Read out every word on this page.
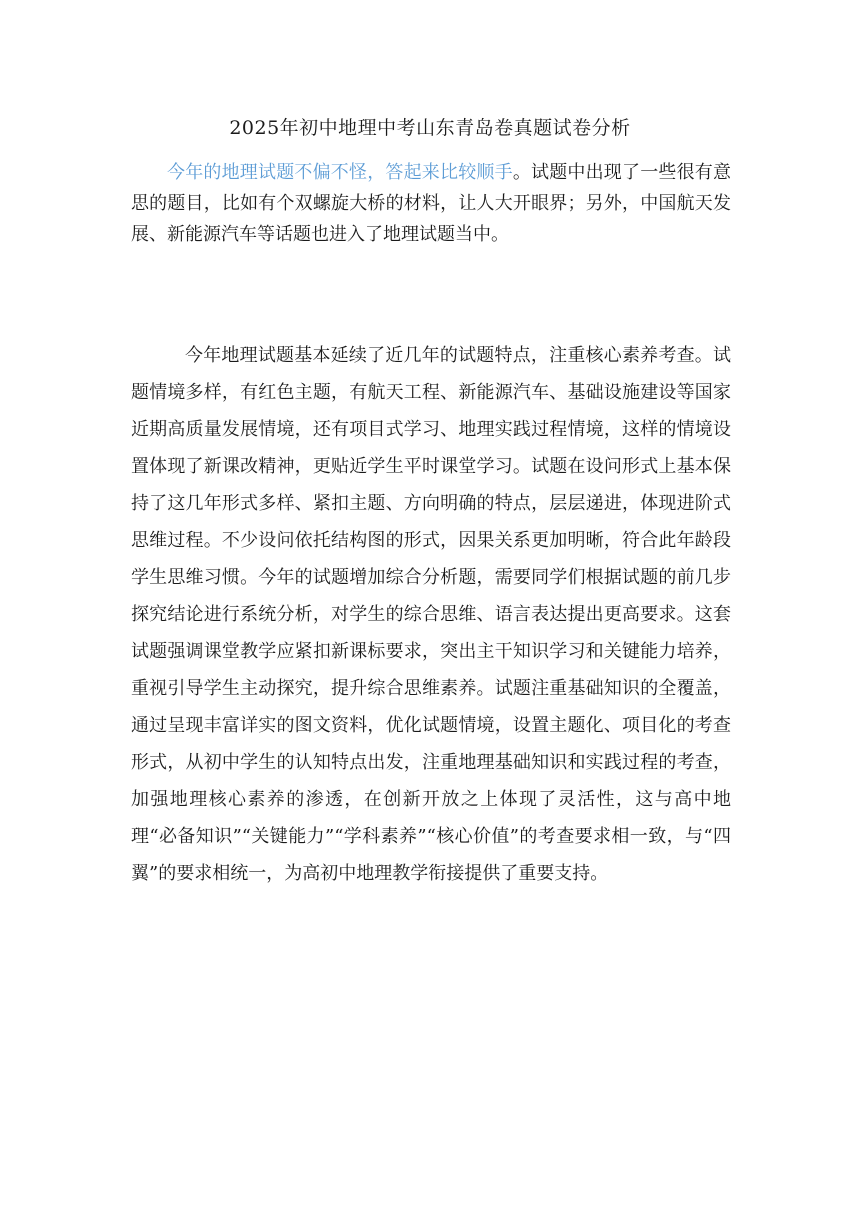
2025年初中地理中考山东青岛卷真题试卷分析

今年的地理试题不偏不怪，答起来比较顺手。试题中出现了一些很有意思的题目，比如有个双螺旋大桥的材料，让人大开眼界；另外，中国航天发展、新能源汽车等话题也进入了地理试题当中。

今年地理试题基本延续了近几年的试题特点，注重核心素养考查。试题情境多样，有红色主题，有航天工程、新能源汽车、基础设施建设等国家近期高质量发展情境，还有项目式学习、地理实践过程情境，这样的情境设置体现了新课改精神，更贴近学生平时课堂学习。试题在设问形式上基本保持了这几年形式多样、紧扣主题、方向明确的特点，层层递进，体现进阶式思维过程。不少设问依托结构图的形式，因果关系更加明晰，符合此年龄段学生思维习惯。今年的试题增加综合分析题，需要同学们根据试题的前几步探究结论进行系统分析，对学生的综合思维、语言表达提出更高要求。这套试题强调课堂教学应紧扣新课标要求，突出主干知识学习和关键能力培养，重视引导学生主动探究，提升综合思维素养。试题注重基础知识的全覆盖，通过呈现丰富详实的图文资料，优化试题情境，设置主题化、项目化的考查形式，从初中学生的认知特点出发，注重地理基础知识和实践过程的考查，加强地理核心素养的渗透，在创新开放之上体现了灵活性，这与高中地理“必备知识”“关键能力”“学科素养”“核心价值”的考查要求相一致，与“四翼”的要求相统一，为高初中地理教学衔接提供了重要支持。
